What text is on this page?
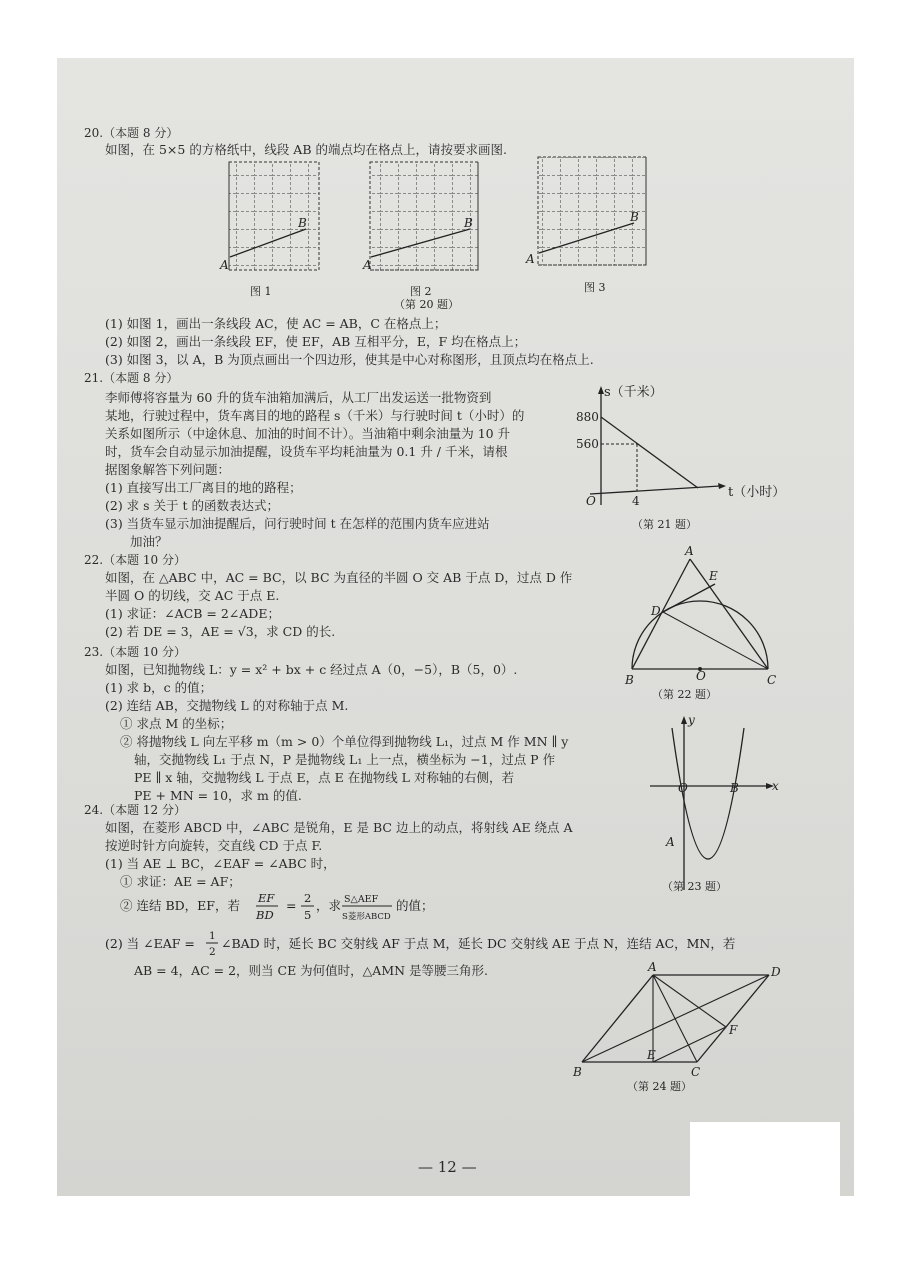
20.（本题 8 分）
如图，在 5×5 的方格纸中，线段 AB 的端点均在格点上，请按要求画图.
A
B
图 1
A
B
图 2
（第 20 题）
A
B
图 3
(1) 如图 1，画出一条线段 AC，使 AC = AB，C 在格点上；
(2) 如图 2，画出一条线段 EF，使 EF，AB 互相平分，E，F 均在格点上；
(3) 如图 3，以 A，B 为顶点画出一个四边形，使其是中心对称图形，且顶点均在格点上.
21.（本题 8 分）
李师傅将容量为 60 升的货车油箱加满后，从工厂出发运送一批物资到
某地，行驶过程中，货车离目的地的路程 s（千米）与行驶时间 t（小时）的
关系如图所示（中途休息、加油的时间不计）。当油箱中剩余油量为 10 升
时，货车会自动显示加油提醒，设货车平均耗油量为 0.1 升 / 千米，请根
据图象解答下列问题：
(1) 直接写出工厂离目的地的路程；
(2) 求 s 关于 t 的函数表达式；
(3) 当货车显示加油提醒后，问行驶时间 t 在怎样的范围内货车应进站
　　加油？
s（千米）
t（小时）
880
560
4
O
（第 21 题）
22.（本题 10 分）
如图，在 △ABC 中，AC = BC，以 BC 为直径的半圆 O 交 AB 于点 D，过点 D 作
半圆 O 的切线，交 AC 于点 E.
(1) 求证：∠ACB = 2∠ADE；
(2) 若 DE = 3，AE = √3，求 CD 的长.
A
E
D
B	O	C
（第 22 题）
23.（本题 10 分）
如图，已知抛物线 L：y = x² + bx + c 经过点 A（0，−5），B（5，0）.
(1) 求 b，c 的值；
(2) 连结 AB，交抛物线 L 的对称轴于点 M.
① 求点 M 的坐标；
② 将抛物线 L 向左平移 m（m > 0）个单位得到抛物线 L₁，过点 M 作 MN ∥ y
轴，交抛物线 L₁ 于点 N，P 是抛物线 L₁ 上一点，横坐标为 −1，过点 P 作
PE ∥ x 轴，交抛物线 L 于点 E，点 E 在抛物线 L 对称轴的右侧，若
PE + MN = 10，求 m 的值.
y
x
O	B
A
（第 23 题）
24.（本题 12 分）
如图，在菱形 ABCD 中，∠ABC 是锐角，E 是 BC 边上的动点，将射线 AE 绕点 A
按逆时针方向旋转，交直线 CD 于点 F.
(1) 当 AE ⊥ BC，∠EAF = ∠ABC 时，
① 求证：AE = AF；
② 连结 BD，EF，若 EF
BD
= 2
5
，求 S△AEF
S菱形ABCD
的值；
(2) 当 ∠EAF = 1
2
∠BAD 时，延长 BC 交射线 AF 于点 M，延长 DC 交射线 AE 于点 N，连结 AC，MN，若
AB = 4，AC = 2，则当 CE 为何值时，△AMN 是等腰三角形.	A	D
F
B
E
C
（第 24 题）
— 12 —
